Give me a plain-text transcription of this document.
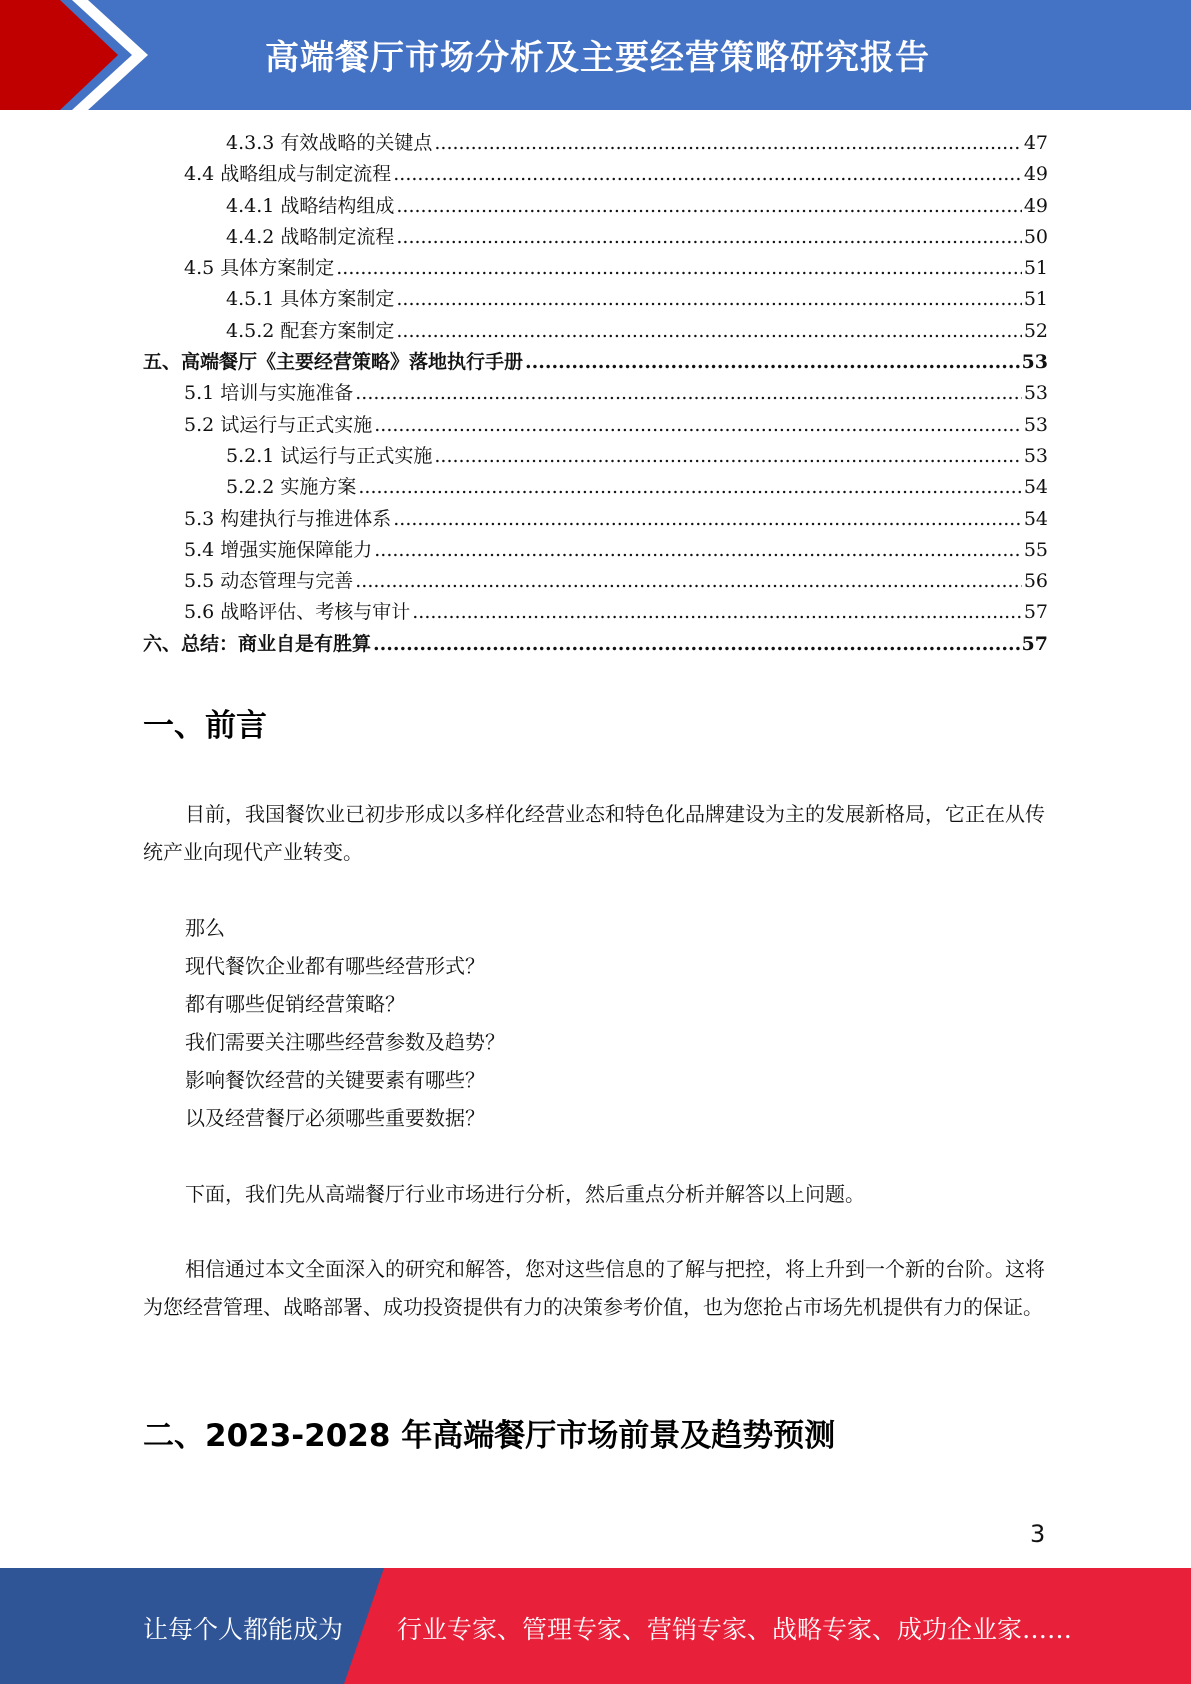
高端餐厅市场分析及主要经营策略研究报告
4.3.3 有效战略的关键点 .....	47
4.4 战略组成与制定流程 .....	49
4.4.1 战略结构组成 .....	49
4.4.2 战略制定流程 .....	50
4.5 具体方案制定 .....	51
4.5.1 具体方案制定 .....	51
4.5.2 配套方案制定 .....	52
五、高端餐厅《主要经营策略》落地执行手册 .....	53
5.1 培训与实施准备 .....	53
5.2 试运行与正式实施 .....	53
5.2.1 试运行与正式实施 .....	53
5.2.2 实施方案 .....	54
5.3 构建执行与推进体系 .....	54
5.4 增强实施保障能力 .....	55
5.5 动态管理与完善 .....	56
5.6 战略评估、考核与审计 .....	57
六、总结：商业自是有胜算 .....	57
一、前言
目前，我国餐饮业已初步形成以多样化经营业态和特色化品牌建设为主的发展新格局，它正在从传统产业向现代产业转变。
那么
现代餐饮企业都有哪些经营形式？
都有哪些促销经营策略？
我们需要关注哪些经营参数及趋势？
影响餐饮经营的关键要素有哪些？
以及经营餐厅必须哪些重要数据？
下面，我们先从高端餐厅行业市场进行分析，然后重点分析并解答以上问题。
相信通过本文全面深入的研究和解答，您对这些信息的了解与把控，将上升到一个新的台阶。这将为您经营管理、战略部署、成功投资提供有力的决策参考价值，也为您抢占市场先机提供有力的保证。
二、2023-2028 年高端餐厅市场前景及趋势预测
3
让每个人都能成为 行业专家、管理专家、营销专家、战略专家、成功企业家……
